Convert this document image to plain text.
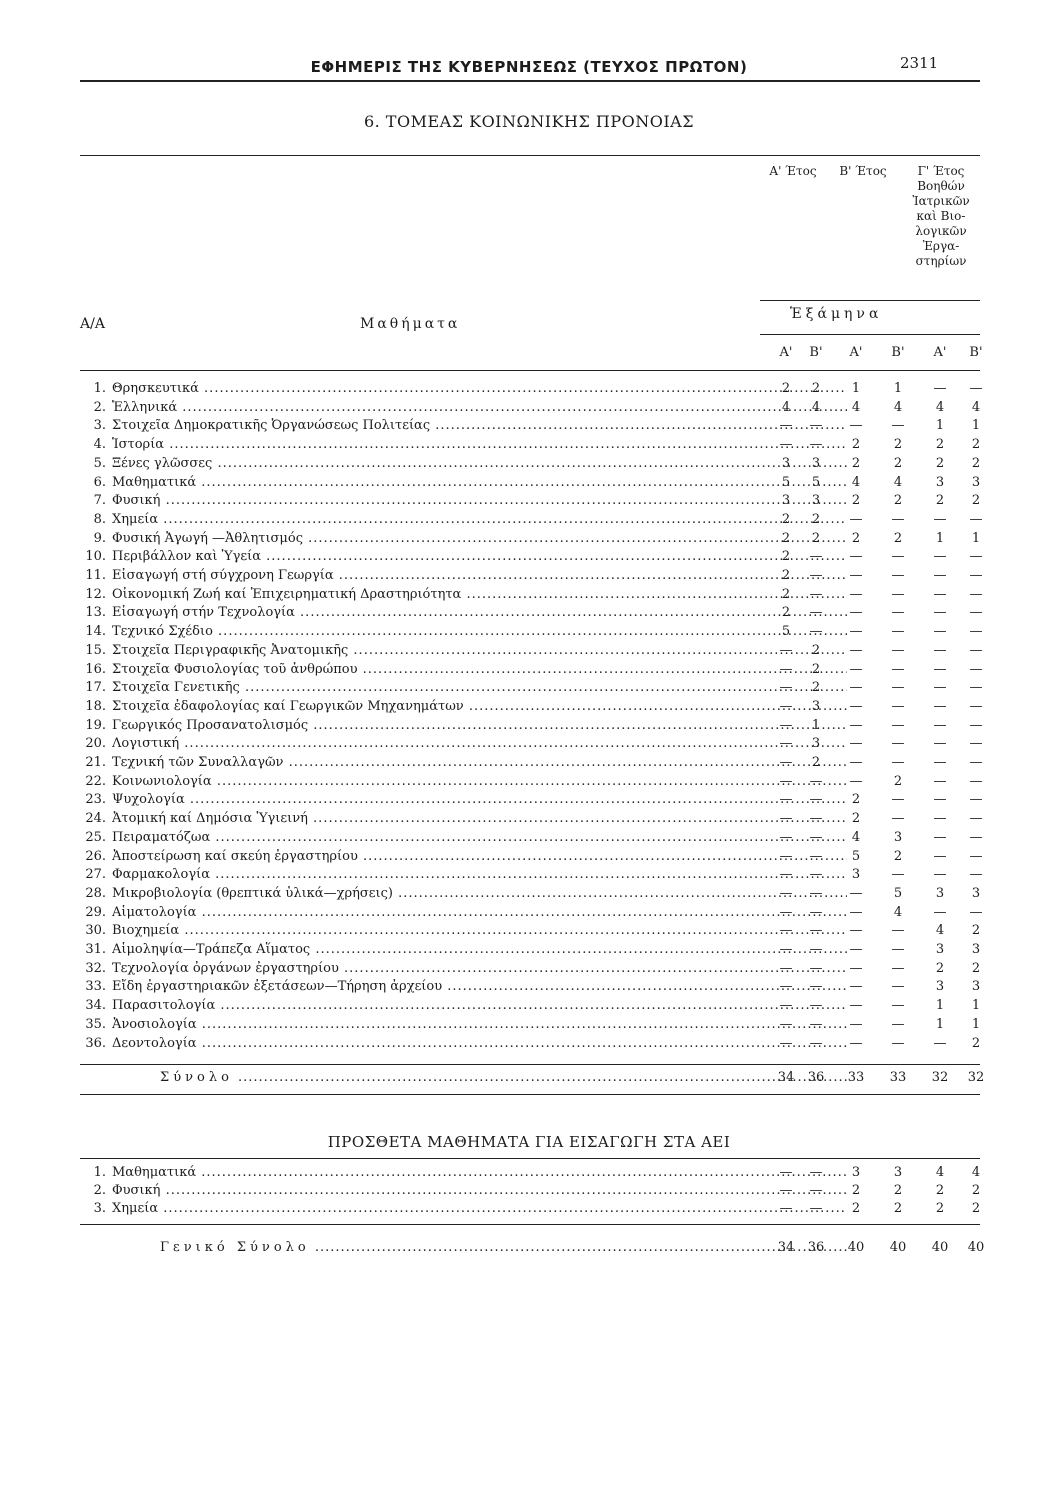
ΕΦΗΜΕΡΙΣ ΤΗΣ ΚΥΒΕΡΝΗΣΕΩΣ (ΤΕΥΧΟΣ ΠΡΩΤΟΝ)	2311
6. ΤΟΜΕΑΣ ΚΟΙΝΩΝΙΚΗΣ ΠΡΟΝΟΙΑΣ
Α' Έτος	Β' Έτος	Γ' Έτος
Βοηθών
Ἰατρικῶν
καὶ Βιο-
λογικῶν
Ἐργα-
στηρίων
Α/Α	Μαθήματα
Ἑξάμηνα
Α'	Β'	Α'	Β'	Α'	Β'
1. Θρησκευτικά .....	2	2	1	1	—	—
2. Ἑλληνικά .....	4	4	4	4	4	4
3. Στοιχεῖα Δημοκρατικῆς Ὀργανώσεως Πολιτείας .....	—	—	—	—	1	1
4. Ἱστορία .....	—	—	2	2	2	2
5. Ξένες γλῶσσες .....	3	3	2	2	2	2
6. Μαθηματικά .....	5	5	4	4	3	3
7. Φυσική .....	3	3	2	2	2	2
8. Χημεία .....	2	2	—	—	—	—
9. Φυσική Ἀγωγή —Ἀθλητισμός .....	2	2	2	2	1	1
10. Περιβάλλον καὶ Ὑγεία .....	2	—	—	—	—	—
11. Εἰσαγωγή στή σύγχρονη Γεωργία .....	2	—	—	—	—	—
12. Οἰκονομική Ζωή καί Ἐπιχειρηματική Δραστηριότητα .....	2	—	—	—	—	—
13. Εἰσαγωγή στήν Τεχνολογία .....	2	—	—	—	—	—
14. Τεχνικό Σχέδιο .....	5	—	—	—	—	—
15. Στοιχεῖα Περιγραφικῆς Ἀνατομικῆς .....	—	2	—	—	—	—
16. Στοιχεῖα Φυσιολογίας τοῦ ἀνθρώπου .....	—	2	—	—	—	—
17. Στοιχεῖα Γενετικῆς .....	—	2	—	—	—	—
18. Στοιχεῖα ἐδαφολογίας καί Γεωργικῶν Μηχανημάτων .....	—	3	—	—	—	—
19. Γεωργικός Προσανατολισμός .....	—	1	—	—	—	—
20. Λογιστική .....	—	3	—	—	—	—
21. Τεχνική τῶν Συναλλαγῶν .....	—	2	—	—	—	—
22. Κοινωνιολογία .....	—	—	—	2	—	—
23. Ψυχολογία .....	—	—	2	—	—	—
24. Ἀτομική καί Δημόσια Ὑγιεινή .....	—	—	2	—	—	—
25. Πειραματόζωα .....	—	—	4	3	—	—
26. Ἀποστείρωση καί σκεύη ἐργαστηρίου .....	—	—	5	2	—	—
27. Φαρμακολογία .....	—	—	3	—	—	—
28. Μικροβιολογία (θρεπτικά ὑλικά—χρήσεις) .....	—	—	—	5	3	3
29. Αἱματολογία .....	—	—	—	4	—	—
30. Βιοχημεία .....	—	—	—	—	4	2
31. Αἱμοληψία—Τράπεζα Αἵματος .....	—	—	—	—	3	3
32. Τεχνολογία ὀργάνων ἐργαστηρίου .....	—	—	—	—	2	2
33. Εἴδη ἐργαστηριακῶν ἐξετάσεων—Τήρηση ἀρχείου .....	—	—	—	—	3	3
34. Παρασιτολογία .....	—	—	—	—	1	1
35. Ἀνοσιολογία .....	—	—	—	—	1	1
36. Δεοντολογία .....	—	—	—	—	—	2
Σύνολο .....	34	36	33	33	32	32
ΠΡΟΣΘΕΤΑ ΜΑΘΗΜΑΤΑ ΓΙΑ ΕΙΣΑΓΩΓΗ ΣΤΑ ΑΕΙ
1. Μαθηματικά .....	—	—	3	3	4	4
2. Φυσική .....	—	—	2	2	2	2
3. Χημεία .....	—	—	2	2	2	2
Γενικό Σύνολο .....	34	36	40	40	40	40
